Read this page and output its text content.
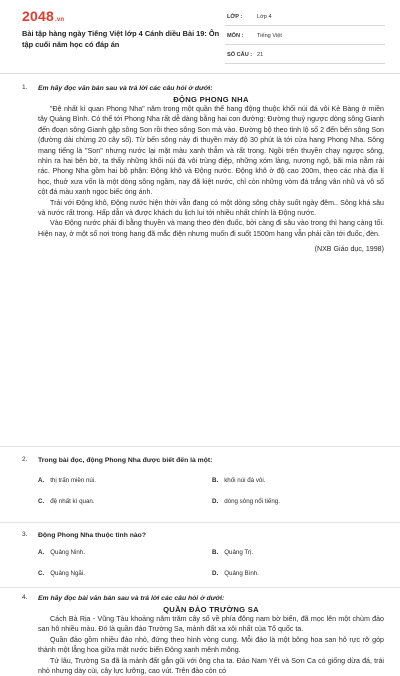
2048.vn
Bài tập hàng ngày Tiếng Việt lớp 4 Cánh diều Bài 19: Ôn tập cuối năm học có đáp án
LỚP :	Lớp 4
MÔN : Tiếng Việt
SỐ CÂU : 21
1. Em hãy đọc văn bản sau và trả lời các câu hỏi ở dưới:
ĐỘNG PHONG NHA

"Đệ nhất kì quan Phong Nha" năm trong một quần thể hang động thuộc khối núi đá vôi Kẻ Bàng ở miền tây Quảng Bình. Có thể tới Phong Nha rất dễ dàng bằng hai con đường: Đường thuỷ ngược dòng sông Gianh đến đoạn sông Gianh gặp sông Son rồi theo sông Son mà vào. Đường bộ theo tỉnh lộ số 2 đến bến sông Son (đường dài chừng 20 cây số). Từ bến sông này đi thuyền máy độ 30 phút là tới cửa hang Phong Nha. Sông mang tiếng là "Son" nhưng nước lại mặt màu xanh thẫm và rất trong. Ngồi trên thuyền chạy ngược sông, nhìn ra hai bên bờ, ta thấy những khối núi đá vôi trùng điệp, những xóm làng, nương ngô, bãi mía nằm rải rác. Phong Nha gồm hai bộ phận: Động khô và Động nước. Động khô ở độ cao 200m, theo các nhà địa lí học, thuở xưa vốn là một dòng sông ngầm, nay đã kiệt nước, chỉ còn những vòm đá trắng vân nhũ và vô số cột đá màu xanh ngọc biếc óng ánh.

Trải với Động khô, Động nước hiện thời vẫn đang có một dòng sông chảy suốt ngày đêm.. Sông khá sâu và nước rất trong. Hấp dẫn và được khách du lịch lui tới nhiều nhất chính là Động nước.

Vào Động nước phải đi bằng thuyền và mang theo đèn đuốc, bởi càng đi sâu vào trong thì hang càng tối. Hiện nay, ở một số nơi trong hang đã mắc điện nhưng muốn đi suốt 1500m hang vẫn phải cần tới đuốc, đèn.

(NXB Giáo dục, 1998)
2. Trong bài đọc, động Phong Nha được biết đến là một:
A. thị trấn miền núi.	B. khối núi đá vôi.
C. đệ nhất kì quan.	D. dòng sông nổi tiếng.
3. Động Phong Nha thuộc tỉnh nào?
A. Quảng Ninh.	B. Quảng Trị.
C. Quảng Ngãi.	D. Quảng Bình.
4. Em hãy đọc bài văn bản sau và trả lời các câu hỏi ở dưới:
QUẦN ĐẢO TRƯỜNG SA

Cách Bà Rịa - Vũng Tàu khoảng năm trăm cây số về phía đông nam bờ biển, đã mọc lên một chùm đảo san hô nhiều màu. Đó là quần đảo Trường Sa, mảnh đất xa xôi nhất của Tổ quốc ta.

Quần đảo gồm nhiều đảo nhỏ, đứng theo hình vòng cung. Mỗi đảo là một bông hoa san hô rực rỡ góp thành một lẵng hoa giữa mặt nước biển Đông xanh mênh mông.

Tứ lâu, Trường Sa đã là mảnh đất gắn gũi với ông cha ta. Đảo Nam Yết và Sơn Ca có giống dừa đá, trái nhỏ nhưng dày cùi, cây lực lưỡng, cao vút. Trên đảo còn có
